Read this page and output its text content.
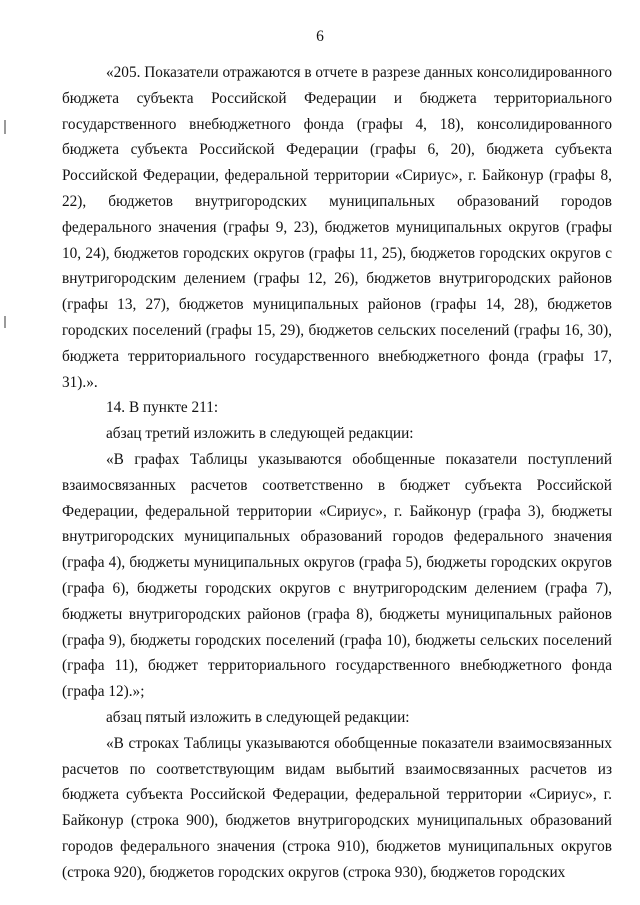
6

«205. Показатели отражаются в отчете в разрезе данных консолидированного бюджета субъекта Российской Федерации и бюджета территориального государственного внебюджетного фонда (графы 4, 18), консолидированного бюджета субъекта Российской Федерации (графы 6, 20), бюджета субъекта Российской Федерации, федеральной территории «Сириус», г. Байконур (графы 8, 22), бюджетов внутригородских муниципальных образований городов федерального значения (графы 9, 23), бюджетов муниципальных округов (графы 10, 24), бюджетов городских округов (графы 11, 25), бюджетов городских округов с внутригородским делением (графы 12, 26), бюджетов внутригородских районов (графы 13, 27), бюджетов муниципальных районов (графы 14, 28), бюджетов городских поселений (графы 15, 29), бюджетов сельских поселений (графы 16, 30), бюджета территориального государственного внебюджетного фонда (графы 17, 31).».

14. В пункте 211:

абзац третий изложить в следующей редакции:

«В графах Таблицы указываются обобщенные показатели поступлений взаимосвязанных расчетов соответственно в бюджет субъекта Российской Федерации, федеральной территории «Сириус», г. Байконур (графа 3), бюджеты внутригородских муниципальных образований городов федерального значения (графа 4), бюджеты муниципальных округов (графа 5), бюджеты городских округов (графа 6), бюджеты городских округов с внутригородским делением (графа 7), бюджеты внутригородских районов (графа 8), бюджеты муниципальных районов (графа 9), бюджеты городских поселений (графа 10), бюджеты сельских поселений (графа 11), бюджет территориального государственного внебюджетного фонда (графа 12).»;

абзац пятый изложить в следующей редакции:

«В строках Таблицы указываются обобщенные показатели взаимосвязанных расчетов по соответствующим видам выбытий взаимосвязанных расчетов из бюджета субъекта Российской Федерации, федеральной территории «Сириус», г. Байконур (строка 900), бюджетов внутригородских муниципальных образований городов федерального значения (строка 910), бюджетов муниципальных округов (строка 920), бюджетов городских округов (строка 930), бюджетов городских
